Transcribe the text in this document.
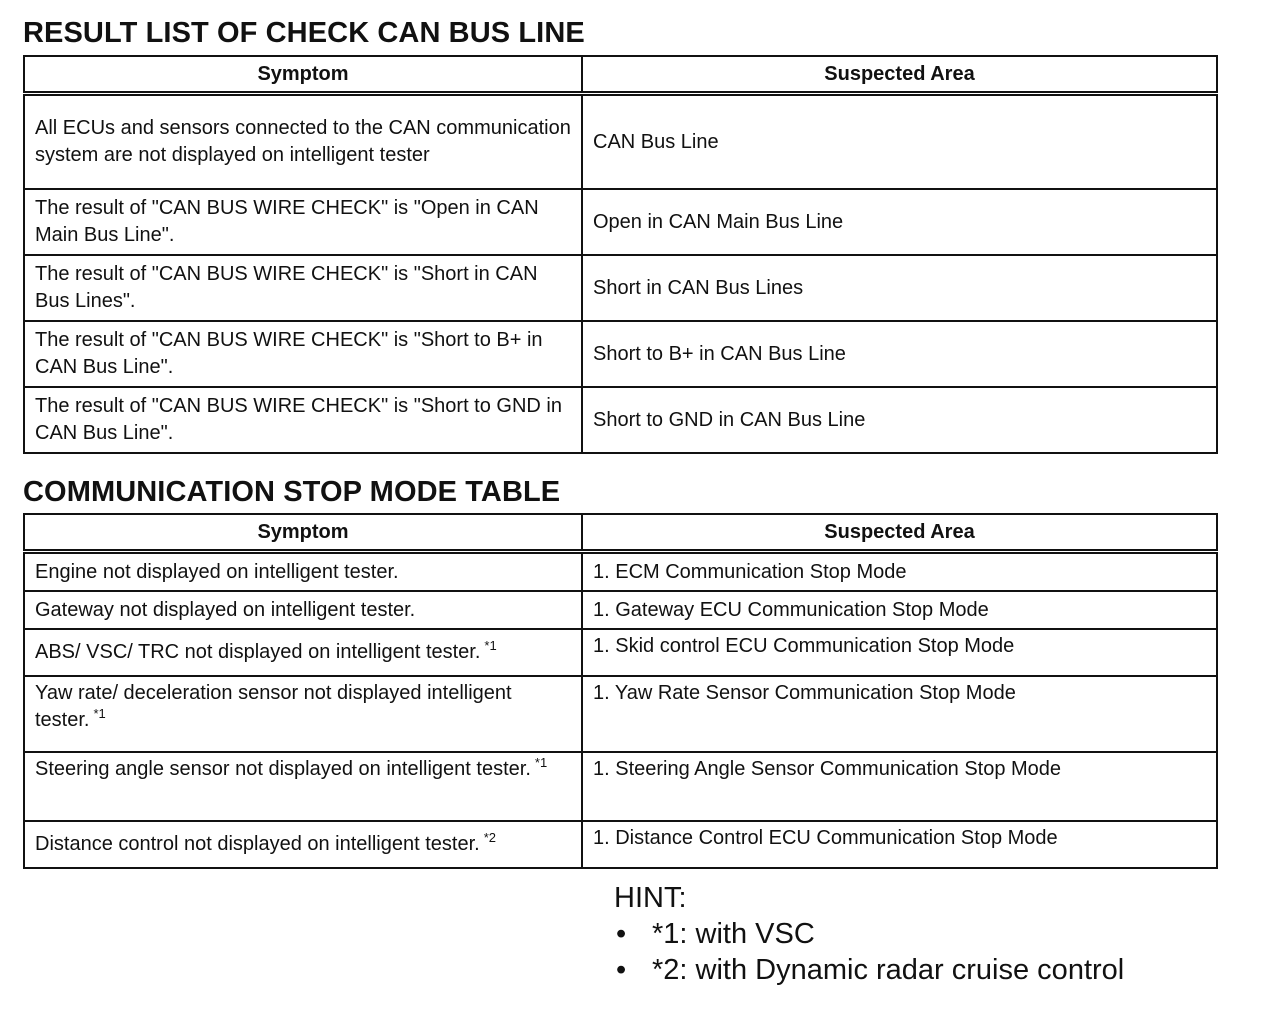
RESULT LIST OF CHECK CAN BUS LINE
Symptom	Suspected Area
All ECUs and sensors connected to the CAN communication system are not displayed on intelligent tester	CAN Bus Line
The result of "CAN BUS WIRE CHECK" is "Open in CAN Main Bus Line".	Open in CAN Main Bus Line
The result of "CAN BUS WIRE CHECK" is "Short in CAN Bus Lines".	Short in CAN Bus Lines
The result of "CAN BUS WIRE CHECK" is "Short to B+ in CAN Bus Line".	Short to B+ in CAN Bus Line
The result of "CAN BUS WIRE CHECK" is "Short to GND in CAN Bus Line".	Short to GND in CAN Bus Line
COMMUNICATION STOP MODE TABLE
Symptom	Suspected Area
Engine not displayed on intelligent tester.	1. ECM Communication Stop Mode
Gateway not displayed on intelligent tester.	1. Gateway ECU Communication Stop Mode
ABS/ VSC/ TRC not displayed on intelligent tester. $^{*1}$	1. Skid control ECU Communication Stop Mode
Yaw rate/ deceleration sensor not displayed intelligent tester. $^{*1}$	1. Yaw Rate Sensor Communication Stop Mode
Steering angle sensor not displayed on intelligent tester. $^{*1}$	1. Steering Angle Sensor Communication Stop Mode
Distance control not displayed on intelligent tester. $^{*2}$	1. Distance Control ECU Communication Stop Mode
HINT:
• *1: with VSC
• *2: with Dynamic radar cruise control
